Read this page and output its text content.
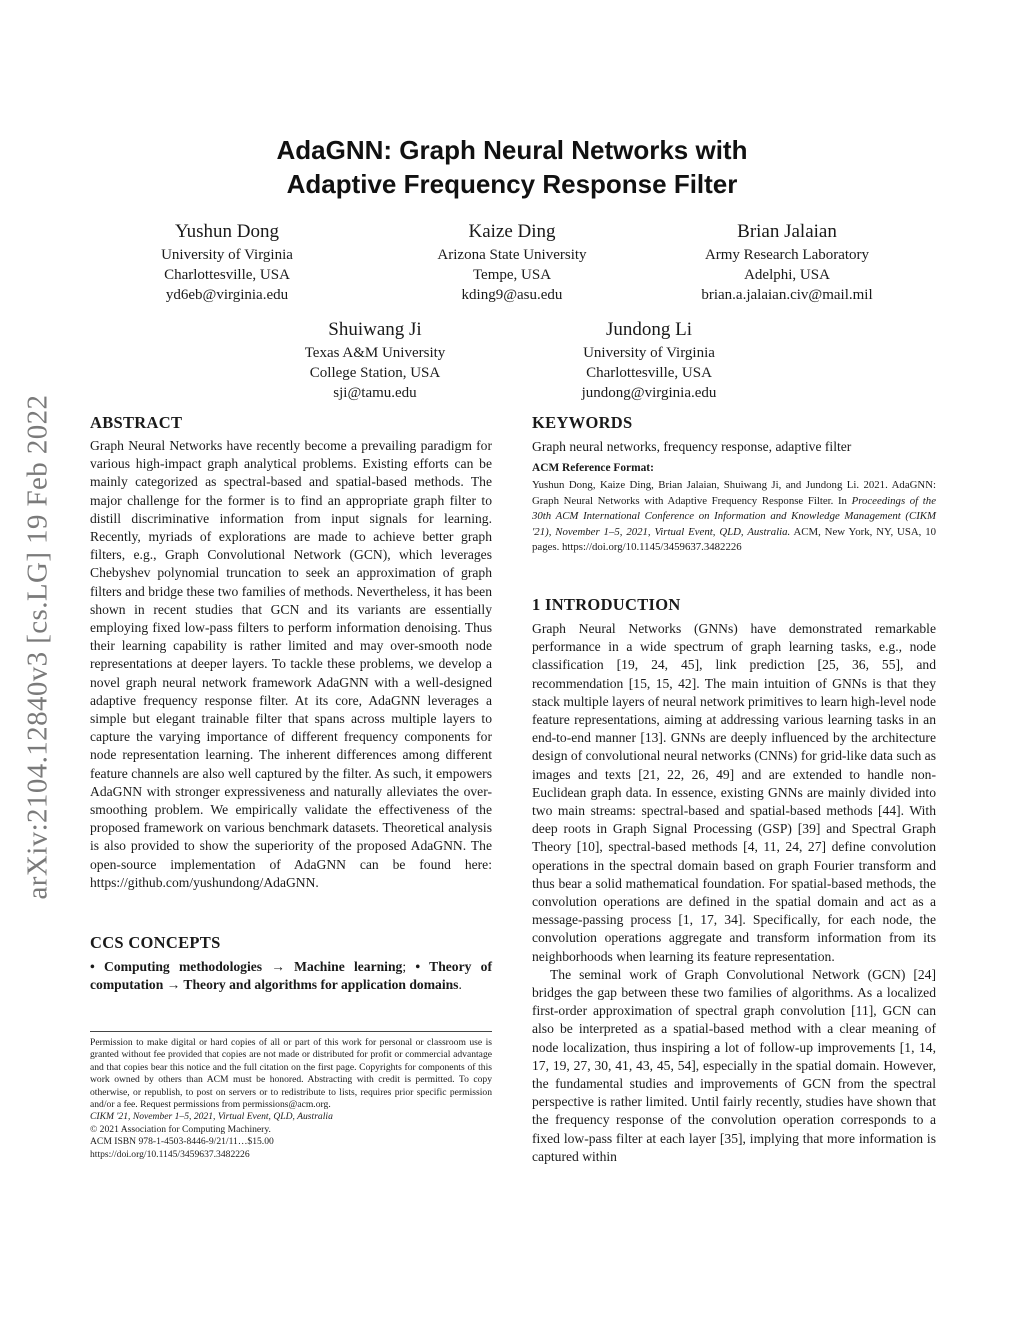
arXiv:2104.12840v3 [cs.LG] 19 Feb 2022
AdaGNN: Graph Neural Networks with
Adaptive Frequency Response Filter
Yushun Dong
University of Virginia
Charlottesville, USA
yd6eb@virginia.edu
Kaize Ding
Arizona State University
Tempe, USA
kding9@asu.edu
Brian Jalaian
Army Research Laboratory
Adelphi, USA
brian.a.jalaian.civ@mail.mil
Shuiwang Ji
Texas A&M University
College Station, USA
sji@tamu.edu
Jundong Li
University of Virginia
Charlottesville, USA
jundong@virginia.edu
ABSTRACT
Graph Neural Networks have recently become a prevailing paradigm for various high-impact graph analytical problems. Existing efforts can be mainly categorized as spectral-based and spatial-based methods. The major challenge for the former is to find an appropriate graph filter to distill discriminative information from input signals for learning. Recently, myriads of explorations are made to achieve better graph filters, e.g., Graph Convolutional Network (GCN), which leverages Chebyshev polynomial truncation to seek an approximation of graph filters and bridge these two families of methods. Nevertheless, it has been shown in recent studies that GCN and its variants are essentially employing fixed low-pass filters to perform information denoising. Thus their learning capability is rather limited and may over-smooth node representations at deeper layers. To tackle these problems, we develop a novel graph neural network framework AdaGNN with a well-designed adaptive frequency response filter. At its core, AdaGNN leverages a simple but elegant trainable filter that spans across multiple layers to capture the varying importance of different frequency components for node representation learning. The inherent differences among different feature channels are also well captured by the filter. As such, it empowers AdaGNN with stronger expressiveness and naturally alleviates the over-smoothing problem. We empirically validate the effectiveness of the proposed framework on various benchmark datasets. Theoretical analysis is also provided to show the superiority of the proposed AdaGNN. The open-source implementation of AdaGNN can be found here: https://github.com/yushundong/AdaGNN.
CCS CONCEPTS
• Computing methodologies → Machine learning; • Theory of computation → Theory and algorithms for application domains.
Permission to make digital or hard copies of all or part of this work for personal or classroom use is granted without fee provided that copies are not made or distributed for profit or commercial advantage and that copies bear this notice and the full citation on the first page. Copyrights for components of this work owned by others than ACM must be honored. Abstracting with credit is permitted. To copy otherwise, or republish, to post on servers or to redistribute to lists, requires prior specific permission and/or a fee. Request permissions from permissions@acm.org.
CIKM '21, November 1–5, 2021, Virtual Event, QLD, Australia
© 2021 Association for Computing Machinery.
ACM ISBN 978-1-4503-8446-9/21/11…$15.00
https://doi.org/10.1145/3459637.3482226
KEYWORDS
Graph neural networks, frequency response, adaptive filter
ACM Reference Format:
Yushun Dong, Kaize Ding, Brian Jalaian, Shuiwang Ji, and Jundong Li. 2021. AdaGNN: Graph Neural Networks with Adaptive Frequency Response Filter. In Proceedings of the 30th ACM International Conference on Information and Knowledge Management (CIKM '21), November 1–5, 2021, Virtual Event, QLD, Australia. ACM, New York, NY, USA, 10 pages. https://doi.org/10.1145/3459637.3482226
1 INTRODUCTION
Graph Neural Networks (GNNs) have demonstrated remarkable performance in a wide spectrum of graph learning tasks, e.g., node classification [19, 24, 45], link prediction [25, 36, 55], and recommendation [15, 15, 42]. The main intuition of GNNs is that they stack multiple layers of neural network primitives to learn high-level node feature representations, aiming at addressing various learning tasks in an end-to-end manner [13]. GNNs are deeply influenced by the architecture design of convolutional neural networks (CNNs) for grid-like data such as images and texts [21, 22, 26, 49] and are extended to handle non-Euclidean graph data. In essence, existing GNNs are mainly divided into two main streams: spectral-based and spatial-based methods [44]. With deep roots in Graph Signal Processing (GSP) [39] and Spectral Graph Theory [10], spectral-based methods [4, 11, 24, 27] define convolution operations in the spectral domain based on graph Fourier transform and thus bear a solid mathematical foundation. For spatial-based methods, the convolution operations are defined in the spatial domain and act as a message-passing process [1, 17, 34]. Specifically, for each node, the convolution operations aggregate and transform information from its neighborhoods when learning its feature representation.
The seminal work of Graph Convolutional Network (GCN) [24] bridges the gap between these two families of algorithms. As a localized first-order approximation of spectral graph convolution [11], GCN can also be interpreted as a spatial-based method with a clear meaning of node localization, thus inspiring a lot of follow-up improvements [1, 14, 17, 19, 27, 30, 41, 43, 45, 54], especially in the spatial domain. However, the fundamental studies and improvements of GCN from the spectral perspective is rather limited. Until fairly recently, studies have shown that the frequency response of the convolution operation corresponds to a fixed low-pass filter at each layer [35], implying that more information is captured within
